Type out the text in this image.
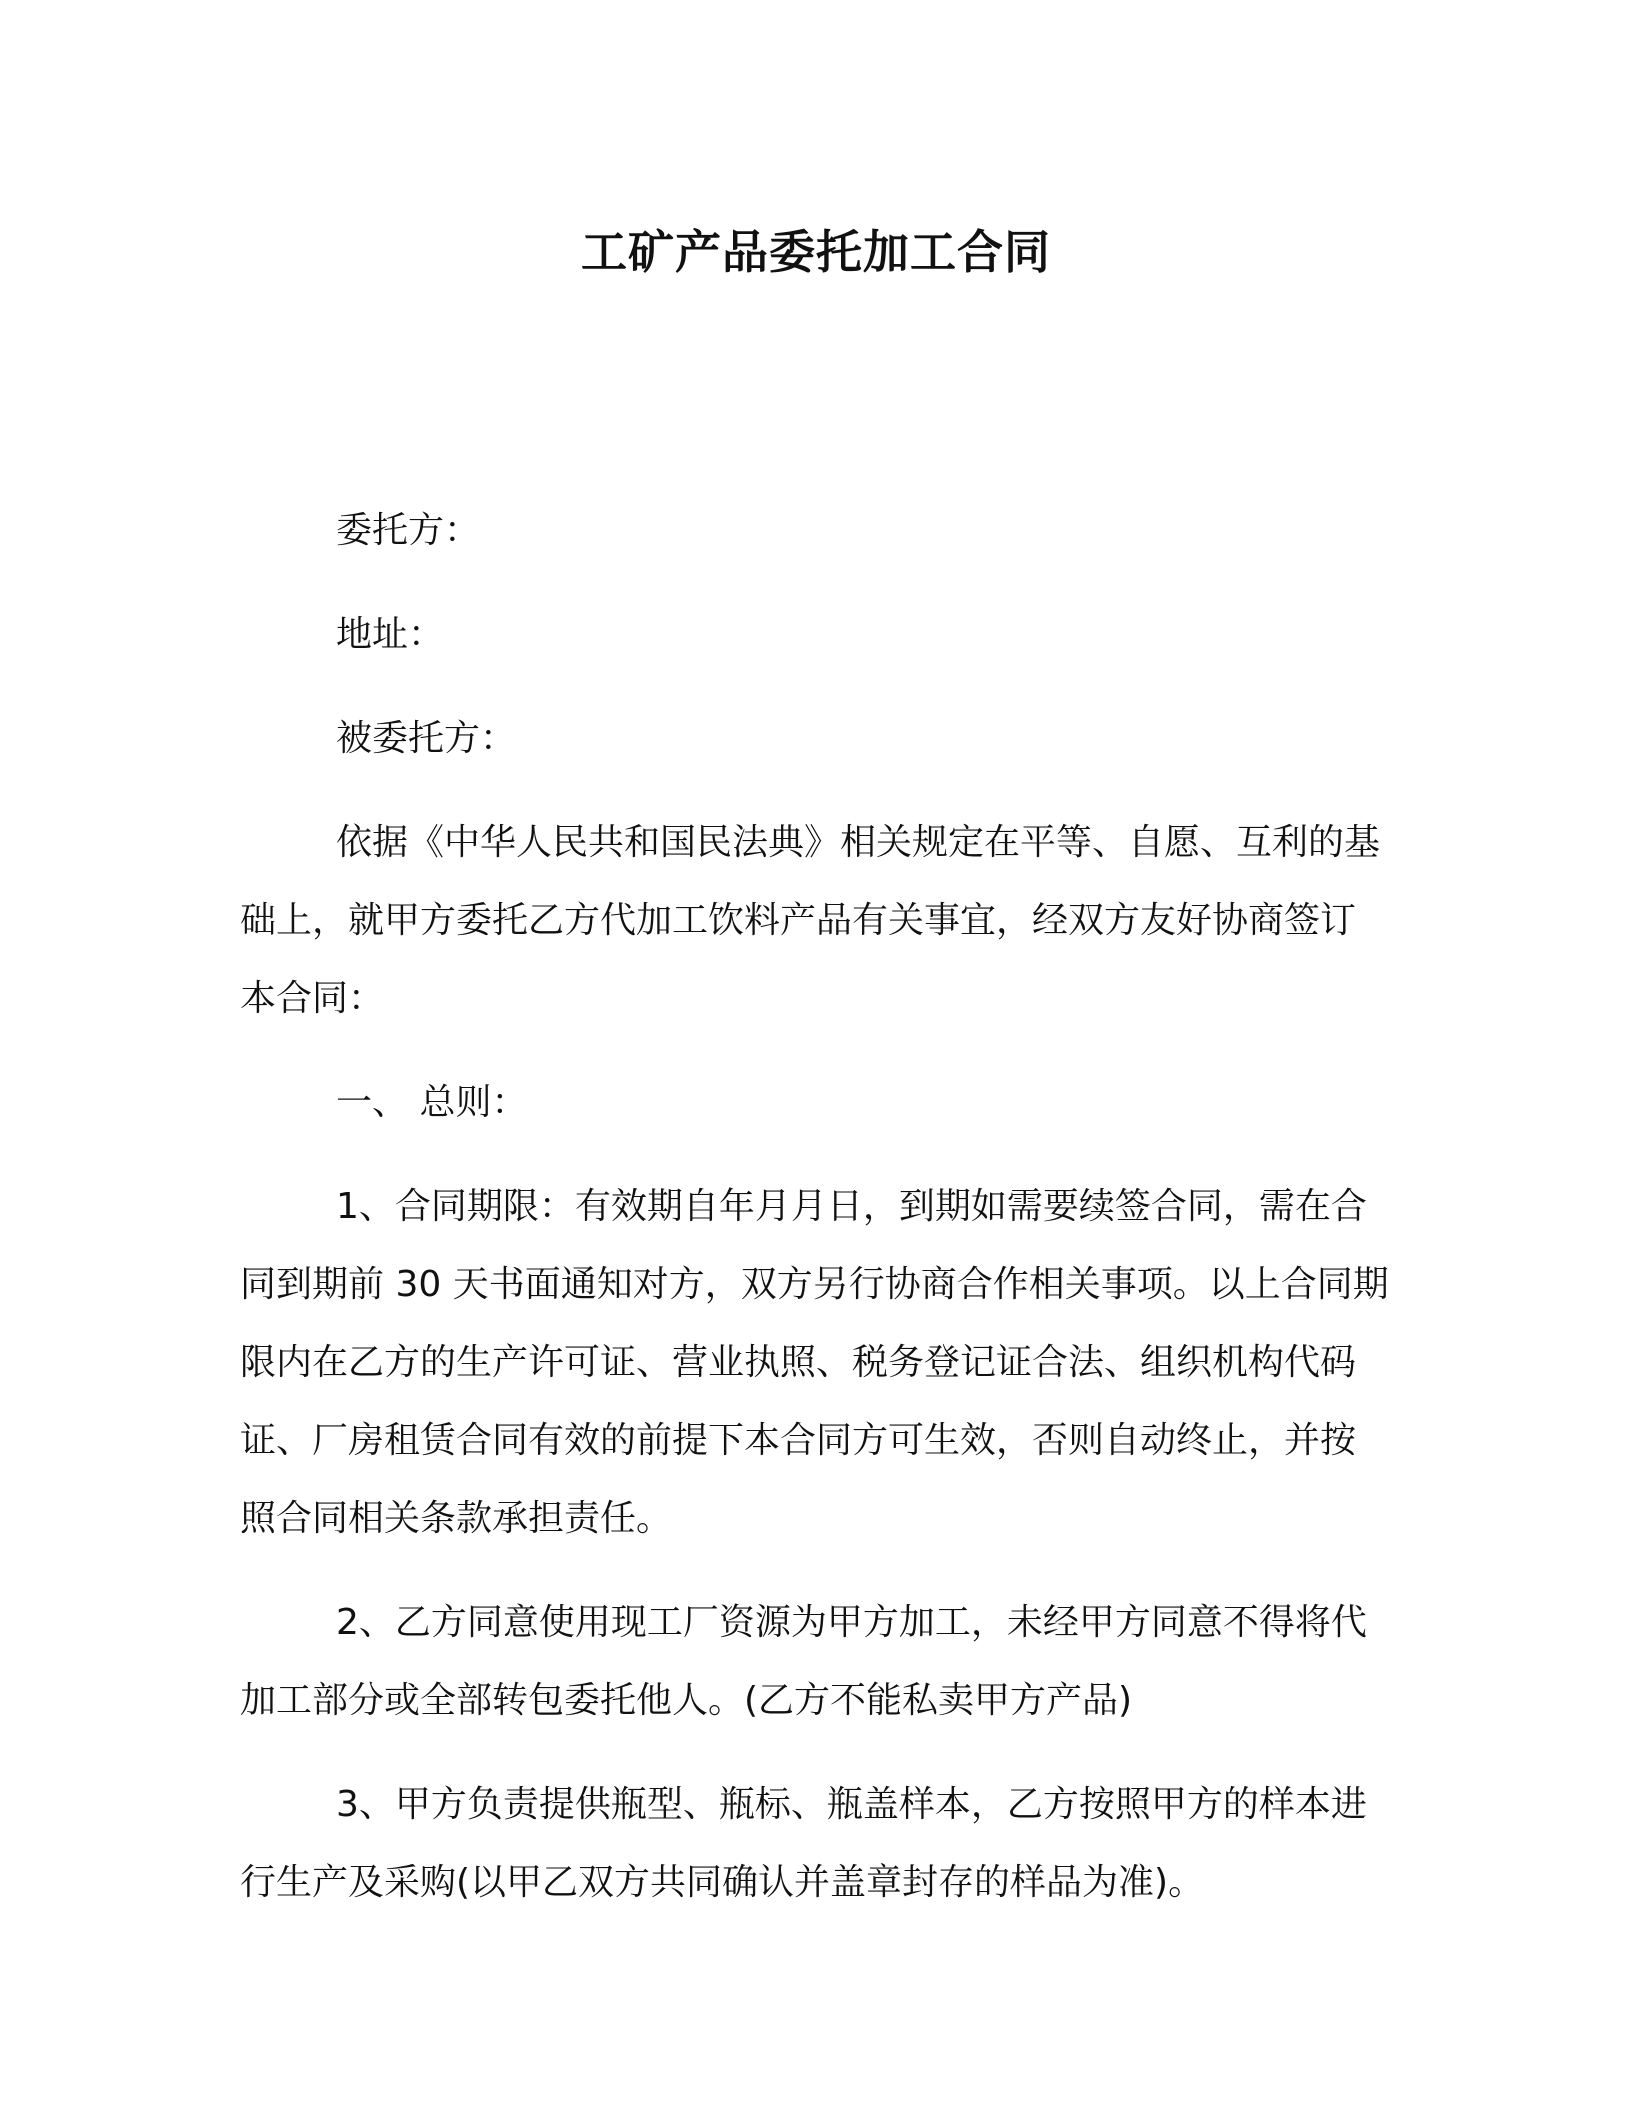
工矿产品委托加工合同

委托方：

地址：

被委托方：

依据《中华人民共和国民法典》相关规定在平等、自愿、互利的基础上，就甲方委托乙方代加工饮料产品有关事宜，经双方友好协商签订本合同：

一、 总则：

1、合同期限：有效期自年月月日，到期如需要续签合同，需在合同到期前 30 天书面通知对方，双方另行协商合作相关事项。以上合同期限内在乙方的生产许可证、营业执照、税务登记证合法、组织机构代码证、厂房租赁合同有效的前提下本合同方可生效，否则自动终止，并按照合同相关条款承担责任。

2、乙方同意使用现工厂资源为甲方加工，未经甲方同意不得将代加工部分或全部转包委托他人。(乙方不能私卖甲方产品)

3、甲方负责提供瓶型、瓶标、瓶盖样本，乙方按照甲方的样本进行生产及采购(以甲乙双方共同确认并盖章封存的样品为准)。
